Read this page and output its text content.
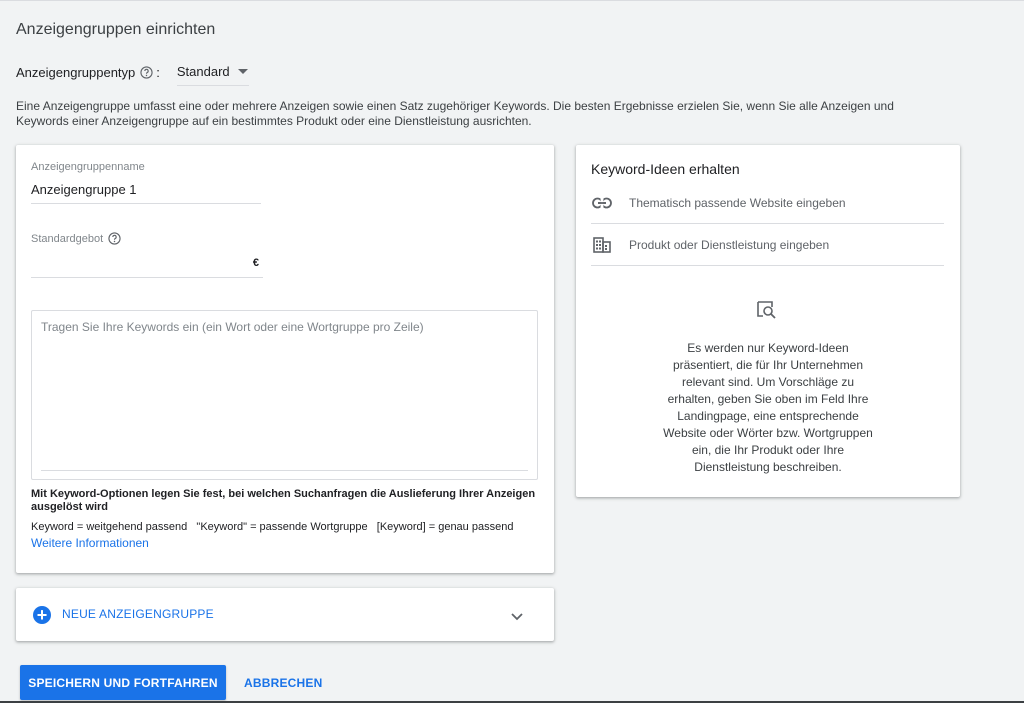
Anzeigengruppen einrichten
Anzeigengruppentyp : Standard
Eine Anzeigengruppe umfasst eine oder mehrere Anzeigen sowie einen Satz zugehöriger Keywords. Die besten Ergebnisse erzielen Sie, wenn Sie alle Anzeigen und Keywords einer Anzeigengruppe auf ein bestimmtes Produkt oder eine Dienstleistung ausrichten.
Anzeigengruppenname
Anzeigengruppe 1
Standardgebot
€
Tragen Sie Ihre Keywords ein (ein Wort oder eine Wortgruppe pro Zeile)
Mit Keyword-Optionen legen Sie fest, bei welchen Suchanfragen die Auslieferung Ihrer Anzeigen ausgelöst wird
Keyword = weitgehend passend   "Keyword" = passende Wortgruppe   [Keyword] = genau passend
Weitere Informationen
Keyword-Ideen erhalten
Thematisch passende Website eingeben
Produkt oder Dienstleistung eingeben
Es werden nur Keyword-Ideen präsentiert, die für Ihr Unternehmen relevant sind. Um Vorschläge zu erhalten, geben Sie oben im Feld Ihre Landingpage, eine entsprechende Website oder Wörter bzw. Wortgruppen ein, die Ihr Produkt oder Ihre Dienstleistung beschreiben.
+	NEUE ANZEIGENGRUPPE
SPEICHERN UND FORTFAHREN	ABBRECHEN
